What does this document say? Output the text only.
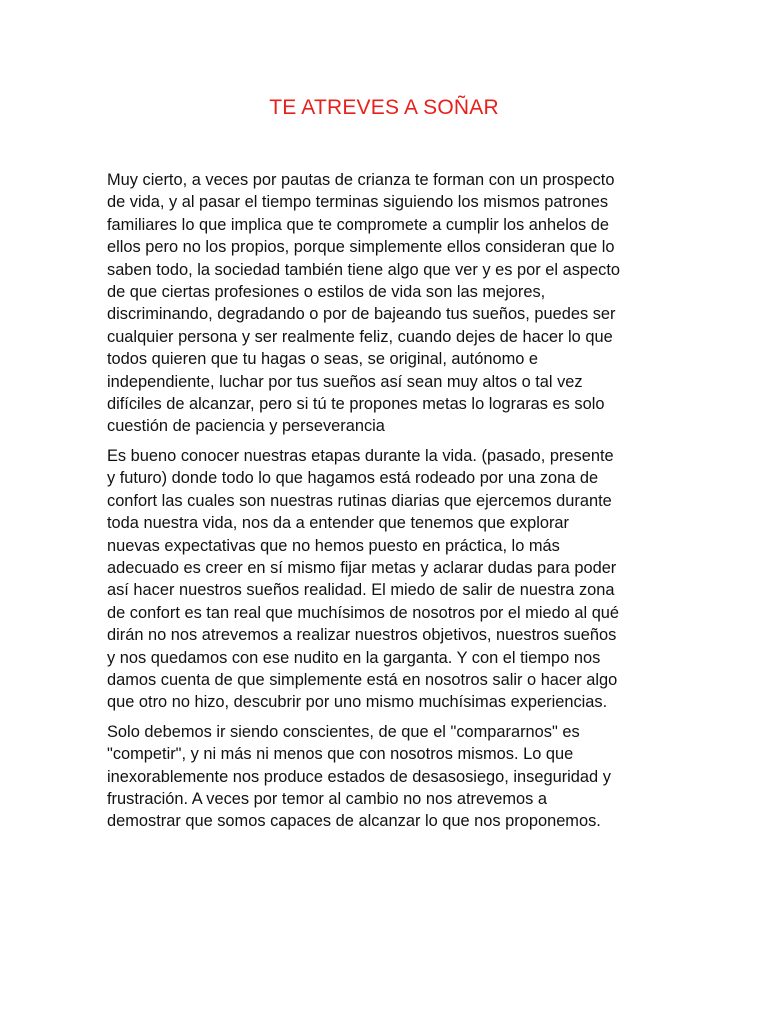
TE ATREVES A SOÑAR

Muy cierto, a veces por pautas de crianza te forman con un prospecto
de vida, y al pasar el tiempo terminas siguiendo los mismos patrones
familiares lo que implica que te compromete a cumplir los anhelos de
ellos pero no los propios, porque simplemente ellos consideran que lo
saben todo, la sociedad también tiene algo que ver y es por el aspecto
de que ciertas profesiones o estilos de vida son las mejores,
discriminando, degradando o por de bajeando tus sueños, puedes ser
cualquier persona y ser realmente feliz, cuando dejes de hacer lo que
todos quieren que tu hagas o seas, se original, autónomo e
independiente, luchar por tus sueños así sean muy altos o tal vez
difíciles de alcanzar, pero si tú te propones metas lo lograras es solo
cuestión de paciencia y perseverancia

Es bueno conocer nuestras etapas durante la vida. (pasado, presente
y futuro) donde todo lo que hagamos está rodeado por una zona de
confort las cuales son nuestras rutinas diarias que ejercemos durante
toda nuestra vida, nos da a entender que tenemos que explorar
nuevas expectativas que no hemos puesto en práctica, lo más
adecuado es creer en sí mismo fijar metas y aclarar dudas para poder
así hacer nuestros sueños realidad. El miedo de salir de nuestra zona
de confort es tan real que muchísimos de nosotros por el miedo al qué
dirán no nos atrevemos a realizar nuestros objetivos, nuestros sueños
y nos quedamos con ese nudito en la garganta. Y con el tiempo nos
damos cuenta de que simplemente está en nosotros salir o hacer algo
que otro no hizo, descubrir por uno mismo muchísimas experiencias.

Solo debemos ir siendo conscientes, de que el "compararnos" es
"competir", y ni más ni menos que con nosotros mismos. Lo que
inexorablemente nos produce estados de desasosiego, inseguridad y
frustración. A veces por temor al cambio no nos atrevemos a
demostrar que somos capaces de alcanzar lo que nos proponemos.
